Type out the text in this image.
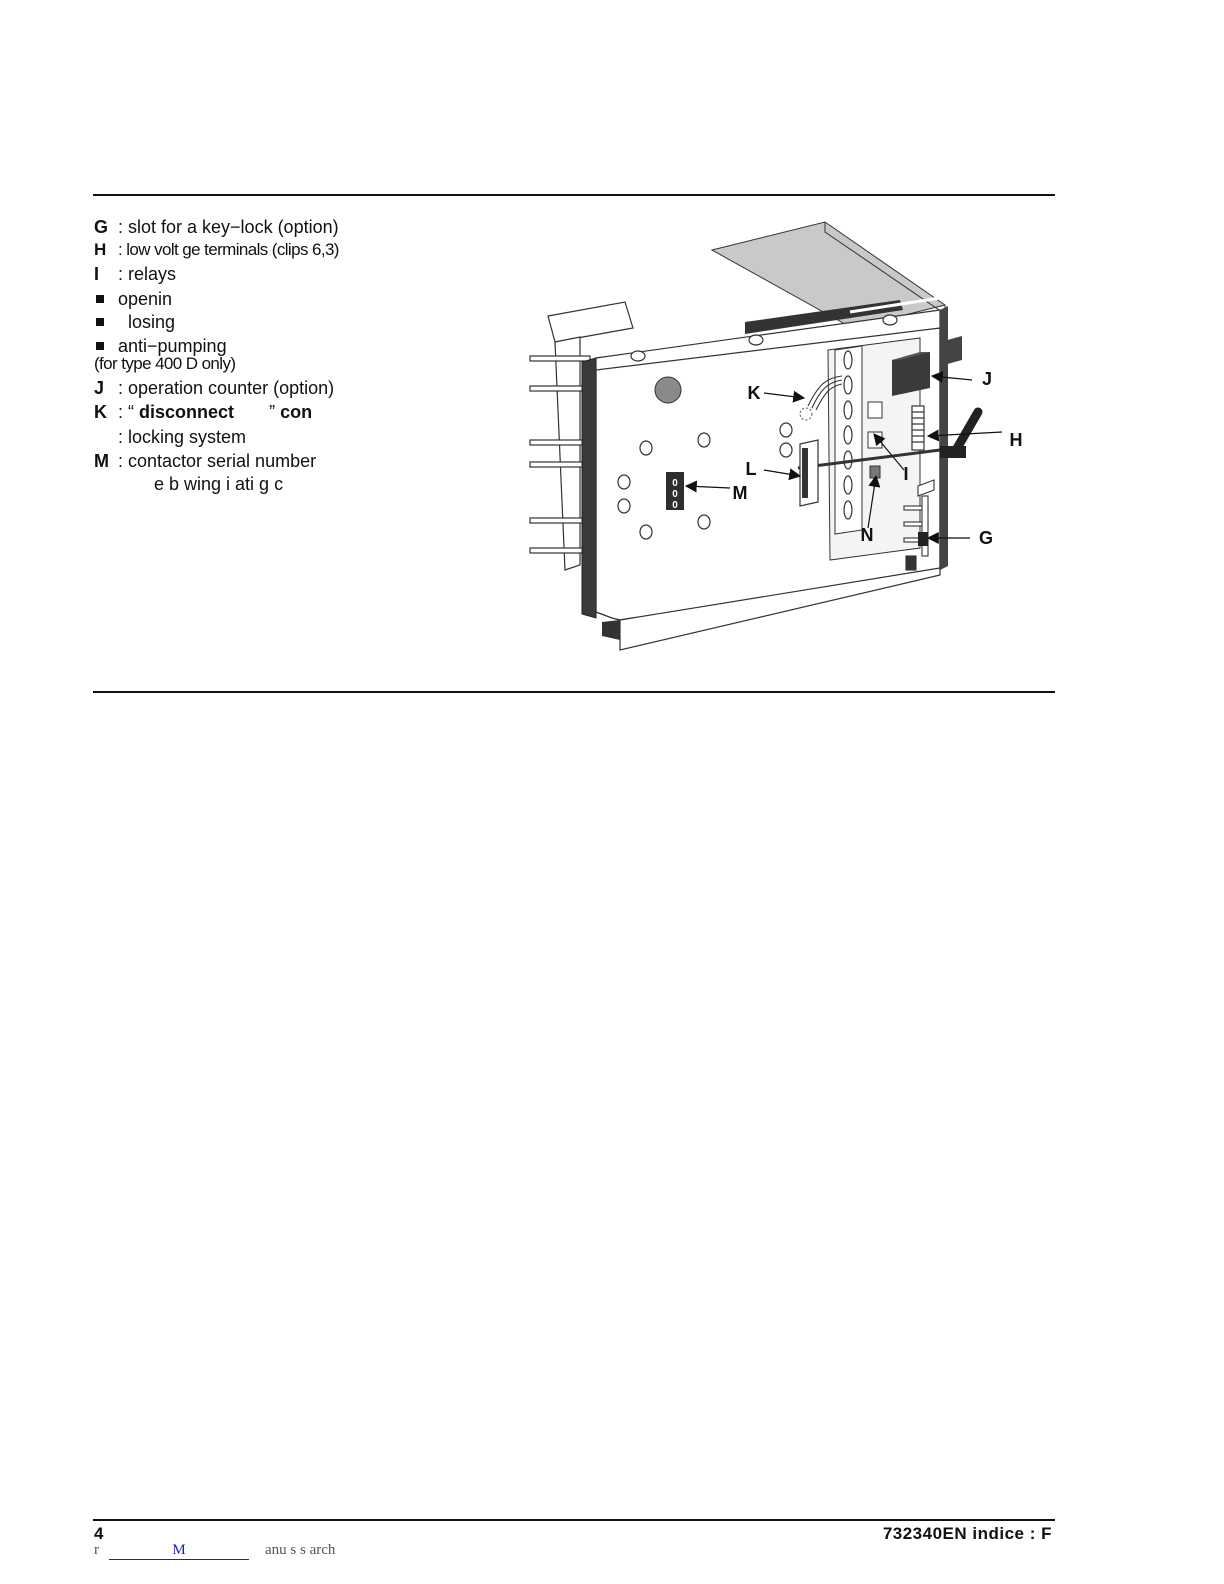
G : slot for a key−lock (option)
H : low volt ge terminals (clips 6,3)
I : relays
openin
losing
anti−pumping
(for type 400 D only)
J : operation counter (option)
K : “ disconnect ” con
: locking system
M : contactor serial number
e b wing i ati g c	0
0
0
J
K
H
L
M
I
N	G
4	732340EN indice : F
r	M	anu s s arch
